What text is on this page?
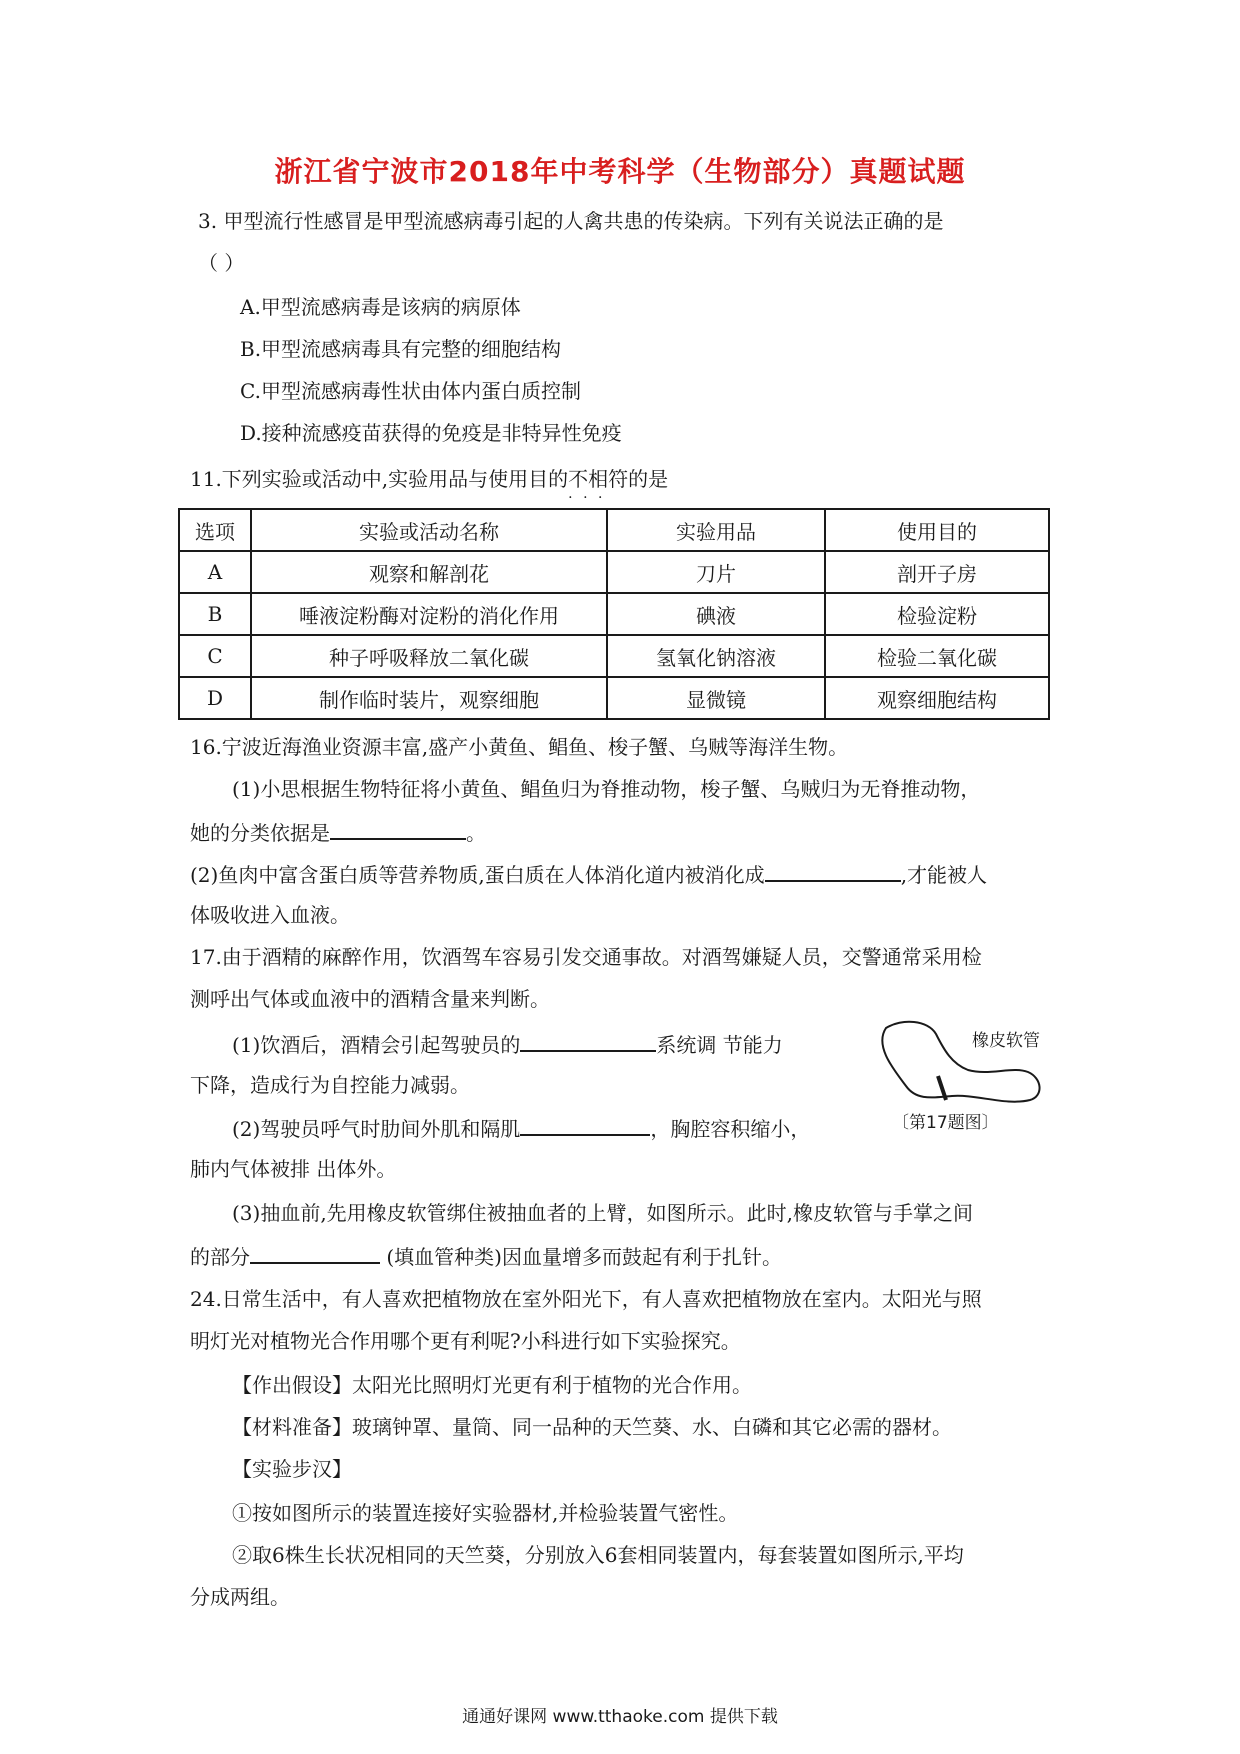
浙江省宁波市2018年中考科学（生物部分）真题试题
3. 甲型流行性感冒是甲型流感病毒引起的人禽共患的传染病。下列有关说法正确的是
（ ）
A.甲型流感病毒是该病的病原体
B.甲型流感病毒具有完整的细胞结构
C.甲型流感病毒性状由体内蛋白质控制
D.接种流感疫苗获得的免疫是非特异性免疫
11.下列实验或活动中,实验用品与使用目的不相符 · · ·的是
选项	实验或活动名称	实验用品	使用目的
A	观察和解剖花	刀片	剖开子房
B	唾液淀粉酶对淀粉的消化作用	碘液	检验淀粉
C	种子呼吸释放二氧化碳	氢氧化钠溶液	检验二氧化碳
D	制作临时装片，观察细胞	显微镜	观察细胞结构
16.宁波近海渔业资源丰富,盛产小黄鱼、鲳鱼、梭子蟹、乌贼等海洋生物。
(1)小思根据生物特征将小黄鱼、鲳鱼归为脊推动物，梭子蟹、乌贼归为无脊推动物，
她的分类依据是	。
(2)鱼肉中富含蛋白质等营养物质,蛋白质在人体消化道内被消化成	,才能被人
体吸收进入血液。
17.由于酒精的麻醉作用，饮酒驾车容易引发交通事故。对酒驾嫌疑人员，交警通常采用检
测呼出气体或血液中的酒精含量来判断。
(1)饮酒后，酒精会引起驾驶员的	系统调 节能力
下降，造成行为自控能力减弱。
(2)驾驶员呼气时肋间外肌和隔肌	，胸腔容积缩小，
肺内气体被排 出体外。
(3)抽血前,先用橡皮软管绑住被抽血者的上臂，如图所示。此时,橡皮软管与手掌之间
的部分	(填血管种类)因血量增多而鼓起有利于扎针。
橡皮软管
〔第17题图〕
24.日常生活中，有人喜欢把植物放在室外阳光下，有人喜欢把植物放在室内。太阳光与照
明灯光对植物光合作用哪个更有利呢?小科进行如下实验探究。
【作出假设】太阳光比照明灯光更有利于植物的光合作用。
【材料准备】玻璃钟罩、量筒、同一品种的天竺葵、水、白磷和其它必需的器材。
【实验步汉】
①按如图所示的装置连接好实验器材,并检验装置气密性。
②取6株生长状况相同的天竺葵，分别放入6套相同装置内，每套装置如图所示,平均
分成两组。
通通好课网 www.tthaoke.com 提供下载
